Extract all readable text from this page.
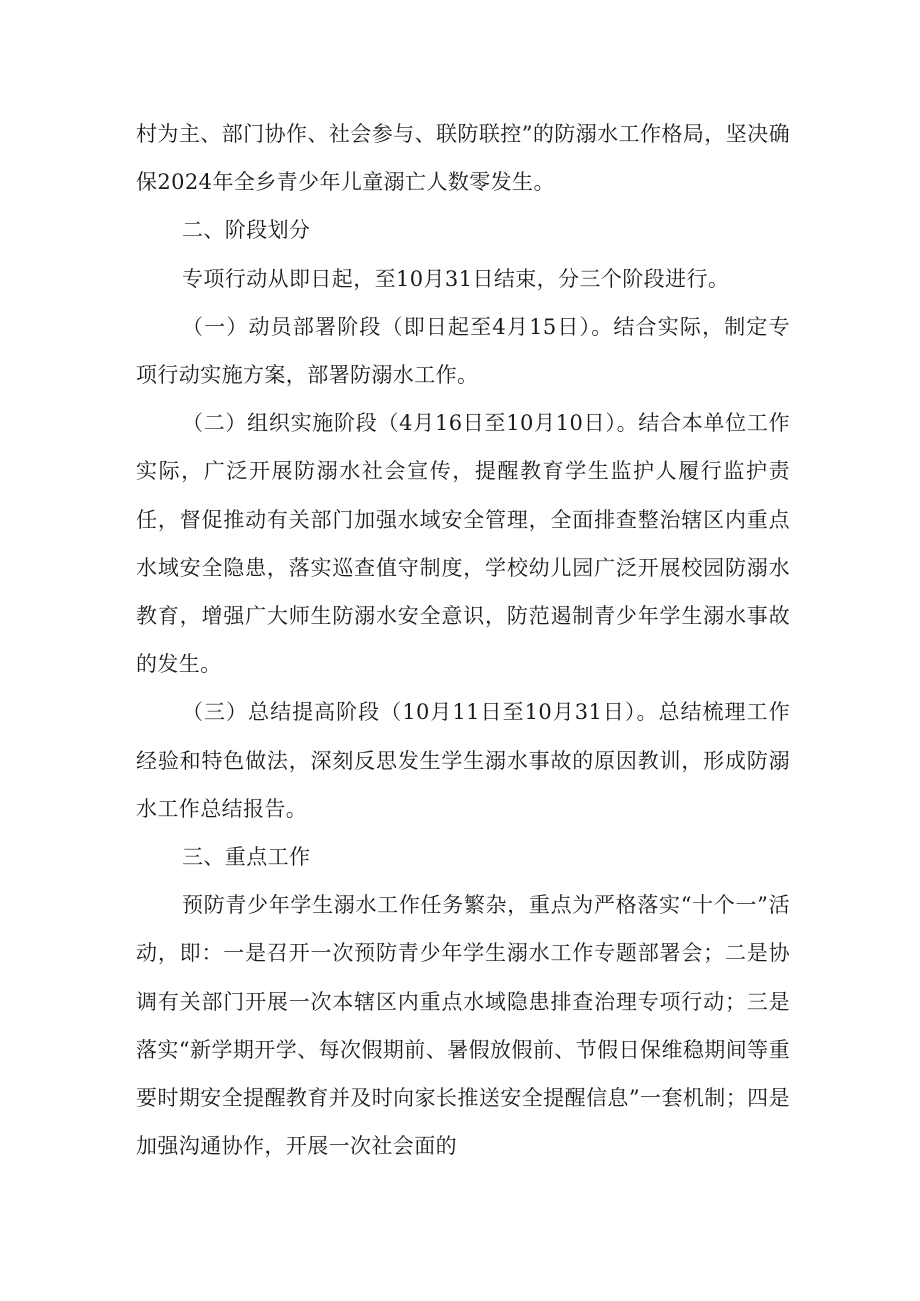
村为主、部门协作、社会参与、联防联控”的防溺水工作格局，坚决确保2024年全乡青少年儿童溺亡人数零发生。

二、阶段划分

专项行动从即日起，至10月31日结束，分三个阶段进行。

（一）动员部署阶段（即日起至4月15日）。结合实际，制定专项行动实施方案，部署防溺水工作。

（二）组织实施阶段（4月16日至10月10日）。结合本单位工作实际，广泛开展防溺水社会宣传，提醒教育学生监护人履行监护责任，督促推动有关部门加强水域安全管理，全面排查整治辖区内重点水域安全隐患，落实巡查值守制度，学校幼儿园广泛开展校园防溺水教育，增强广大师生防溺水安全意识，防范遏制青少年学生溺水事故的发生。

（三）总结提高阶段（10月11日至10月31日）。总结梳理工作经验和特色做法，深刻反思发生学生溺水事故的原因教训，形成防溺水工作总结报告。

三、重点工作

预防青少年学生溺水工作任务繁杂，重点为严格落实“十个一”活动，即：一是召开一次预防青少年学生溺水工作专题部署会；二是协调有关部门开展一次本辖区内重点水域隐患排查治理专项行动；三是落实“新学期开学、每次假期前、暑假放假前、节假日保维稳期间等重要时期安全提醒教育并及时向家长推送安全提醒信息”一套机制；四是加强沟通协作，开展一次社会面的
